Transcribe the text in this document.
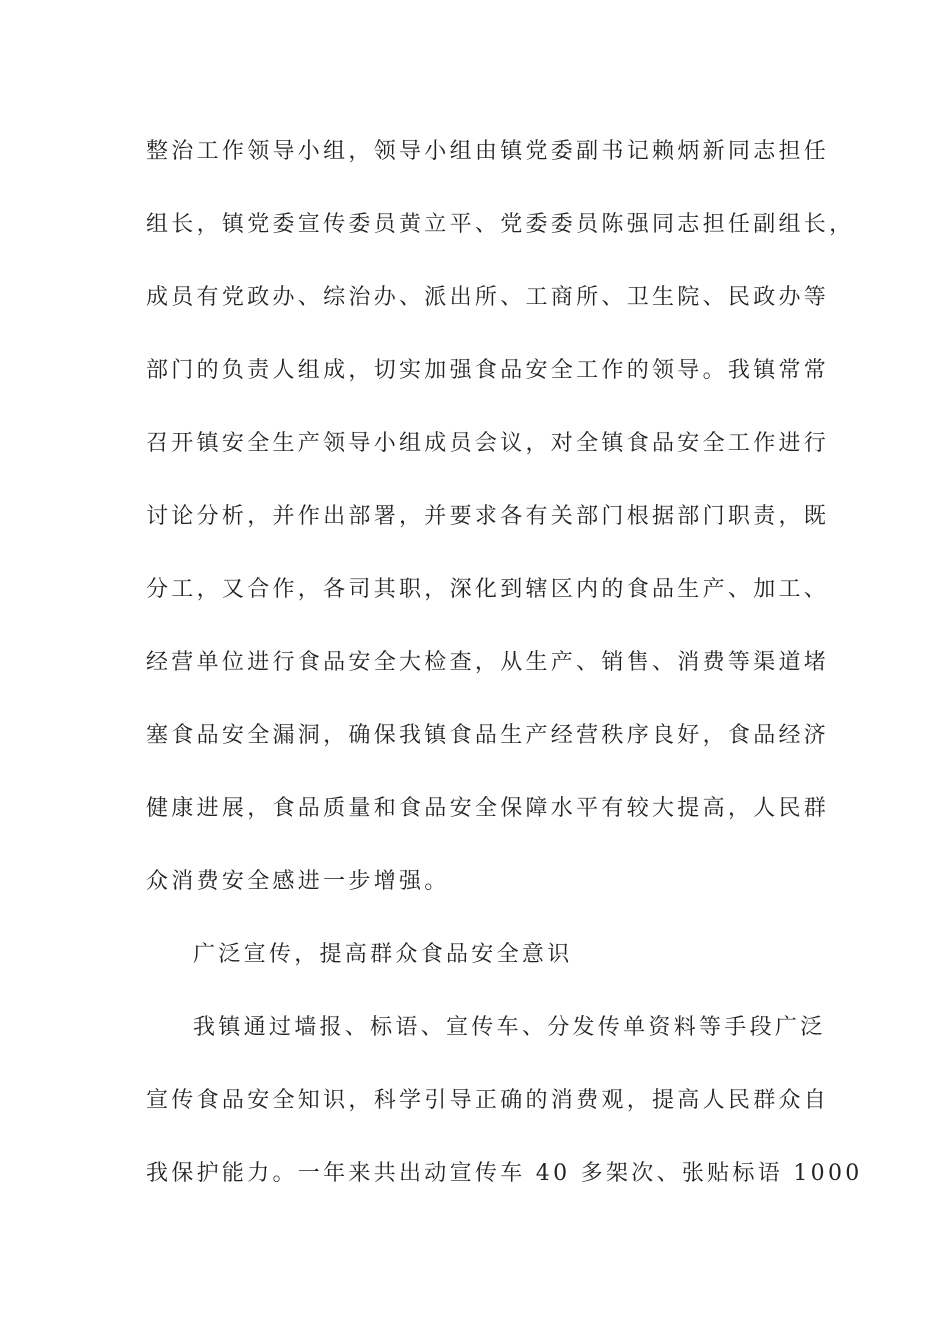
整治工作领导小组，领导小组由镇党委副书记赖炳新同志担任
组长，镇党委宣传委员黄立平、党委委员陈强同志担任副组长，
成员有党政办、综治办、派出所、工商所、卫生院、民政办等
部门的负责人组成，切实加强食品安全工作的领导。我镇常常
召开镇安全生产领导小组成员会议，对全镇食品安全工作进行
讨论分析，并作出部署，并要求各有关部门根据部门职责，既
分工，又合作，各司其职，深化到辖区内的食品生产、加工、
经营单位进行食品安全大检查，从生产、销售、消费等渠道堵
塞食品安全漏洞，确保我镇食品生产经营秩序良好，食品经济
健康进展，食品质量和食品安全保障水平有较大提高，人民群
众消费安全感进一步增强。
广泛宣传，提高群众食品安全意识
我镇通过墙报、标语、宣传车、分发传单资料等手段广泛
宣传食品安全知识，科学引导正确的消费观，提高人民群众自
我保护能力。一年来共出动宣传车 40 多架次、张贴标语 1000
